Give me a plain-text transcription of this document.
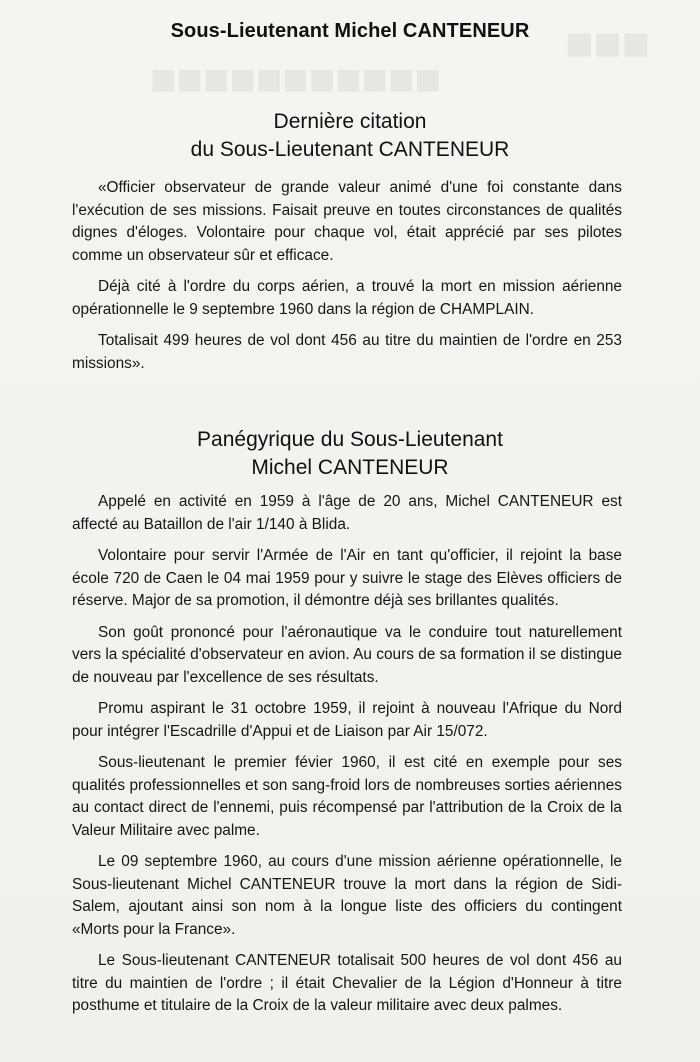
■■■
■■■■■■■■■■■
Sous-Lieutenant Michel CANTENEUR
Dernière citation
du Sous-Lieutenant CANTENEUR

«Officier observateur de grande valeur animé d'une foi constante dans l'exécution de ses missions. Faisait preuve en toutes circonstances de qualités dignes d'éloges. Volontaire pour chaque vol, était apprécié par ses pilotes comme un observateur sûr et efficace.

Déjà cité à l'ordre du corps aérien, a trouvé la mort en mission aérienne opérationnelle le 9 septembre 1960 dans la région de CHAMPLAIN.

Totalisait 499 heures de vol dont 456 au titre du maintien de l'ordre en 253 missions».

Panégyrique du Sous-Lieutenant
Michel CANTENEUR

Appelé en activité en 1959 à l'âge de 20 ans, Michel CANTENEUR est affecté au Bataillon de l'air 1/140 à Blida.

Volontaire pour servir l'Armée de l'Air en tant qu'officier, il rejoint la base école 720 de Caen le 04 mai 1959 pour y suivre le stage des Elèves officiers de réserve. Major de sa promotion, il démontre déjà ses brillantes qualités.

Son goût prononcé pour l'aéronautique va le conduire tout naturellement vers la spécialité d'observateur en avion. Au cours de sa formation il se distingue de nouveau par l'excellence de ses résultats.

Promu aspirant le 31 octobre 1959, il rejoint à nouveau l'Afrique du Nord pour intégrer l'Escadrille d'Appui et de Liaison par Air 15/072.

Sous-lieutenant le premier févier 1960, il est cité en exemple pour ses qualités professionnelles et son sang-froid lors de nombreuses sorties aériennes au contact direct de l'ennemi, puis récompensé par l'attribution de la Croix de la Valeur Militaire avec palme.

Le 09 septembre 1960, au cours d'une mission aérienne opérationnelle, le Sous-lieutenant Michel CANTENEUR trouve la mort dans la région de Sidi-Salem, ajoutant ainsi son nom à la longue liste des officiers du contingent «Morts pour la France».

Le Sous-lieutenant CANTENEUR totalisait 500 heures de vol dont 456 au titre du maintien de l'ordre ; il était Chevalier de la Légion d'Honneur à titre posthume et titulaire de la Croix de la valeur militaire avec deux palmes.
